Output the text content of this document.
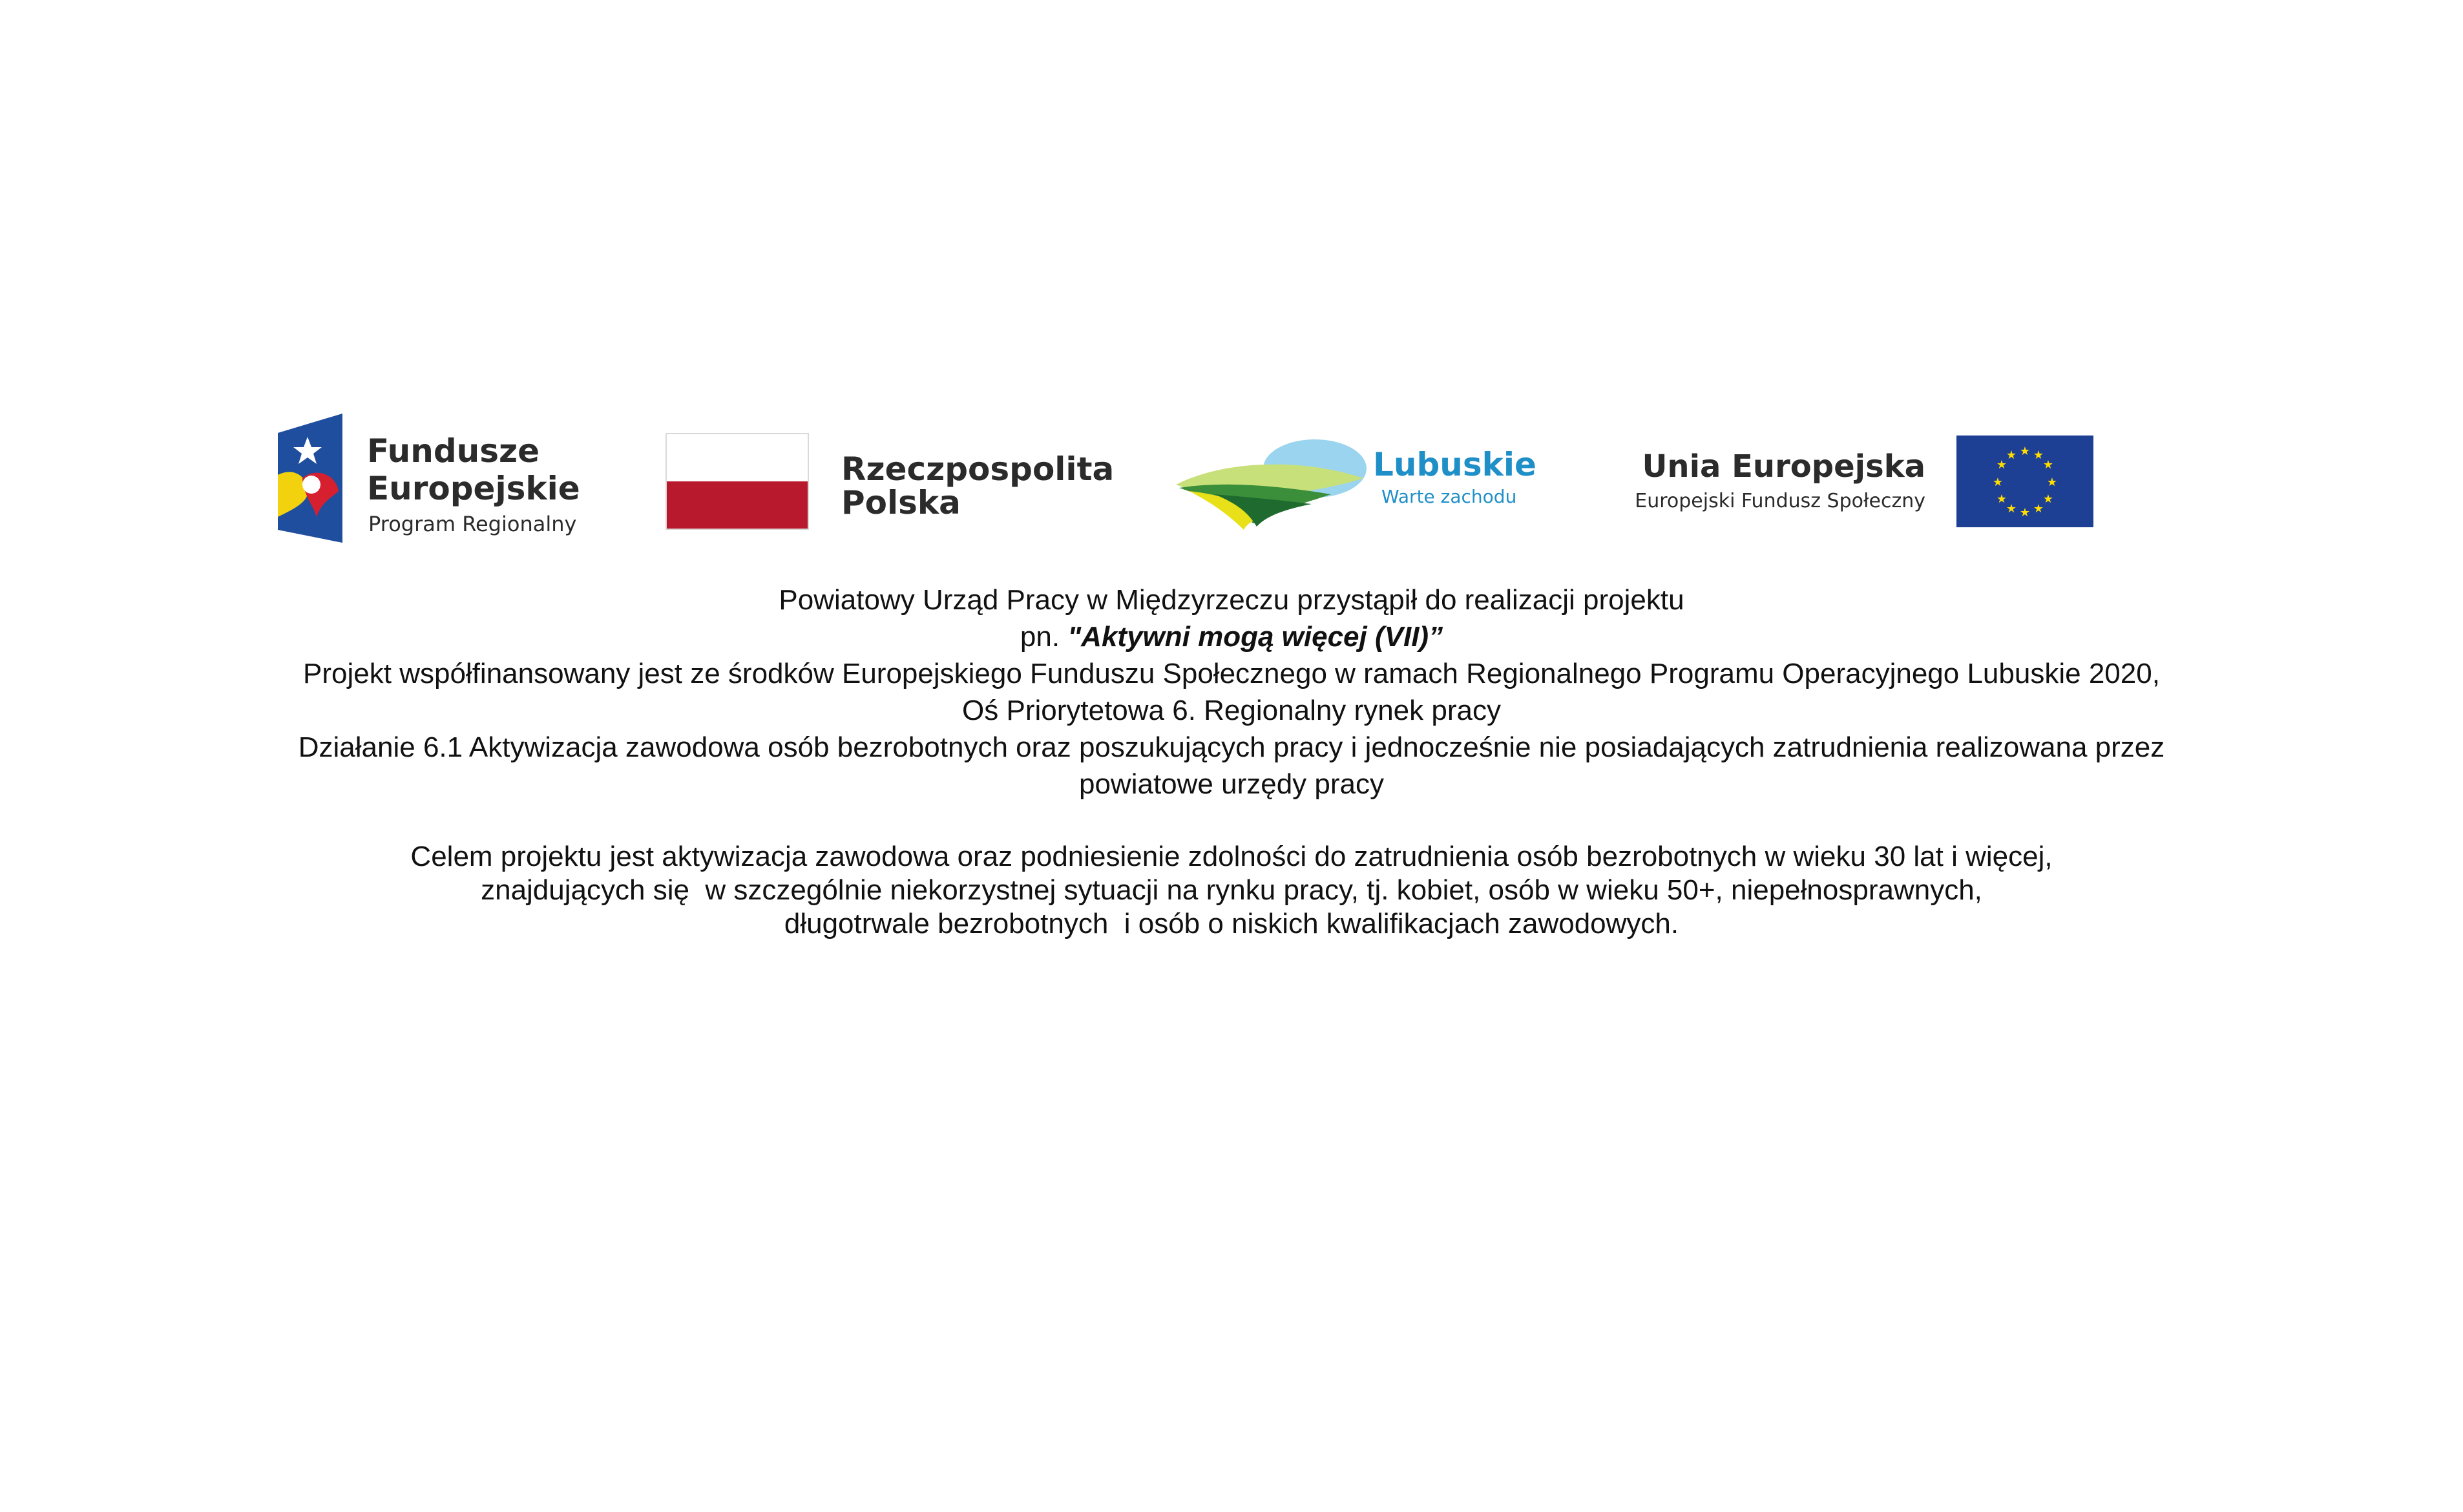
Fundusze
Europejskie
Program Regionalny
Rzeczpospolita
Polska
Lubuskie
Warte zachodu
Unia Europejska
Europejski Fundusz Społeczny
★ ★
★
★
★
★
★
★
★
★
★
★

Powiatowy Urząd Pracy w Międzyrzeczu przystąpił do realizacji projektu

pn. "Aktywni mogą więcej (VII)”

Projekt współfinansowany jest ze środków Europejskiego Funduszu Społecznego w ramach Regionalnego Programu Operacyjnego Lubuskie 2020,

Oś Priorytetowa 6. Regionalny rynek pracy

Działanie 6.1 Aktywizacja zawodowa osób bezrobotnych oraz poszukujących pracy i jednocześnie nie posiadających zatrudnienia realizowana przez

powiatowe urzędy pracy

Celem projektu jest aktywizacja zawodowa oraz podniesienie zdolności do zatrudnienia osób bezrobotnych w wieku 30 lat i więcej,

znajdujących się  w szczególnie niekorzystnej sytuacji na rynku pracy, tj. kobiet, osób w wieku 50+, niepełnosprawnych,

długotrwale bezrobotnych  i osób o niskich kwalifikacjach zawodowych.
